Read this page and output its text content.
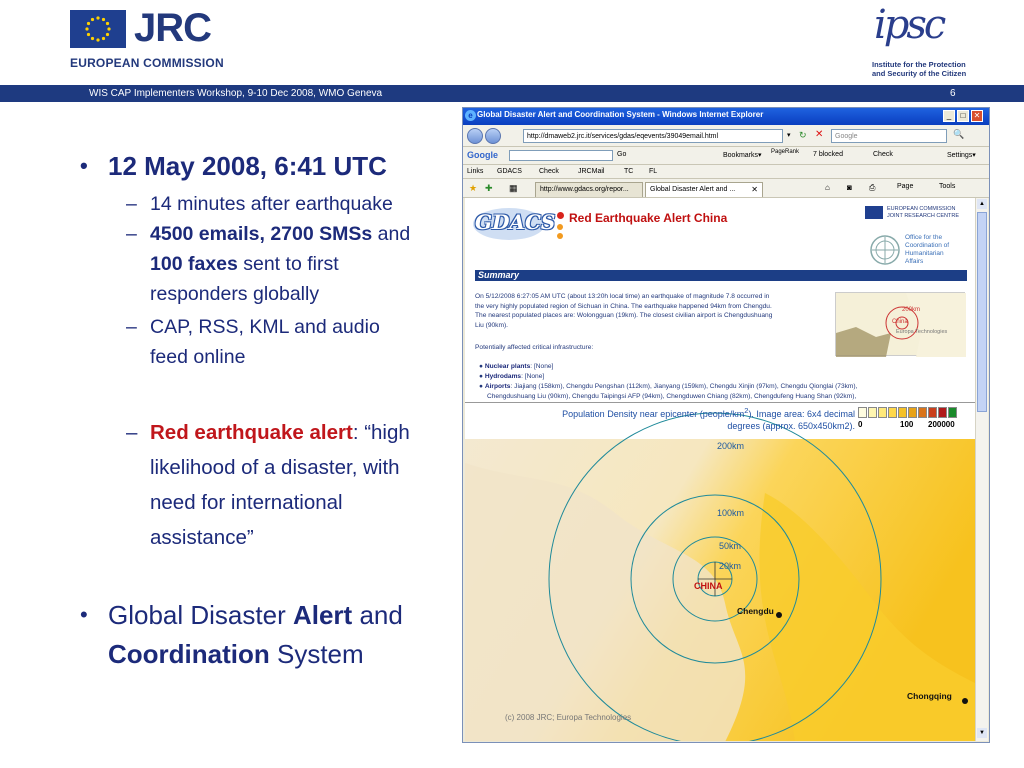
JRC
EUROPEAN COMMISSION
ipsc
Institute for the Protection
and Security of the Citizen
WIS CAP Implementers Workshop, 9-10 Dec 2008, WMO Geneva	6
• 12 May 2008, 6:41 UTC
– 14 minutes after earthquake
– 4500 emails, 2700 SMSs and
100 faxes sent to first
responders globally
– CAP, RSS, KML and audio
feed online
– Red earthquake alert: “high
likelihood of a disaster, with
need for international
assistance”
• Global Disaster Alert and
Coordination System
e Global Disaster Alert and Coordination System - Windows Internet Explorer	_	□	✕
http://dmaweb2.jrc.it/services/gdas/eqevents/39049email.html	▾ ↻ ✕ Google	🔍
Google	Go	Bookmarks▾ PageRank 7 blocked	Check	Settings▾
Links GDACS Check	JRCMail	TC FL
★ ✚ ▦	http://www.gdacs.org/repor...	Global Disaster Alert and ... ✕	⌂ ◙ ⎙	Page	Tools
GDACS Red Earthquake Alert China
EUROPEAN COMMISSION
JOINT RESEARCH CENTRE
Office for the
Coordination of
Humanitarian
Affairs
Summary
On 5/12/2008 6:27:05 AM UTC (about 13:20h local time) an earthquake of magnitude 7.8 occurred in
the very highly populated region of Sichuan in China. The earthquake happened 94km from Chengdu.
The nearest populated places are: Wolongguan (19km). The closest civilian airport is Chengdushuang
Liu (90km).
200km
China
Europa Technologies
Potentially affected critical infrastructure:
● Nuclear plants: [None]
● Hydrodams: [None]
● Airports: Jiajiang (158km), Chengdu Pengshan (112km), Jianyang (159km), Chengdu Xinjin (97km), Chengdu Qionglai (73km),
Chengdushuang Liu (90km), Chengdu Taipingsi AFP (94km), Chengduwen Chiang (82km), Chengdufeng Huang Shan (92km),
Population Density near epicenter $(people/km^2)$. Image area: 6x4 decimal
degrees (approx. 650x450km2). 0	100 200000
200km
100km
50km
20km
CHINA
Chengdu
Chongqing
(c) 2008 JRC; Europa Technologies
▲
▼
